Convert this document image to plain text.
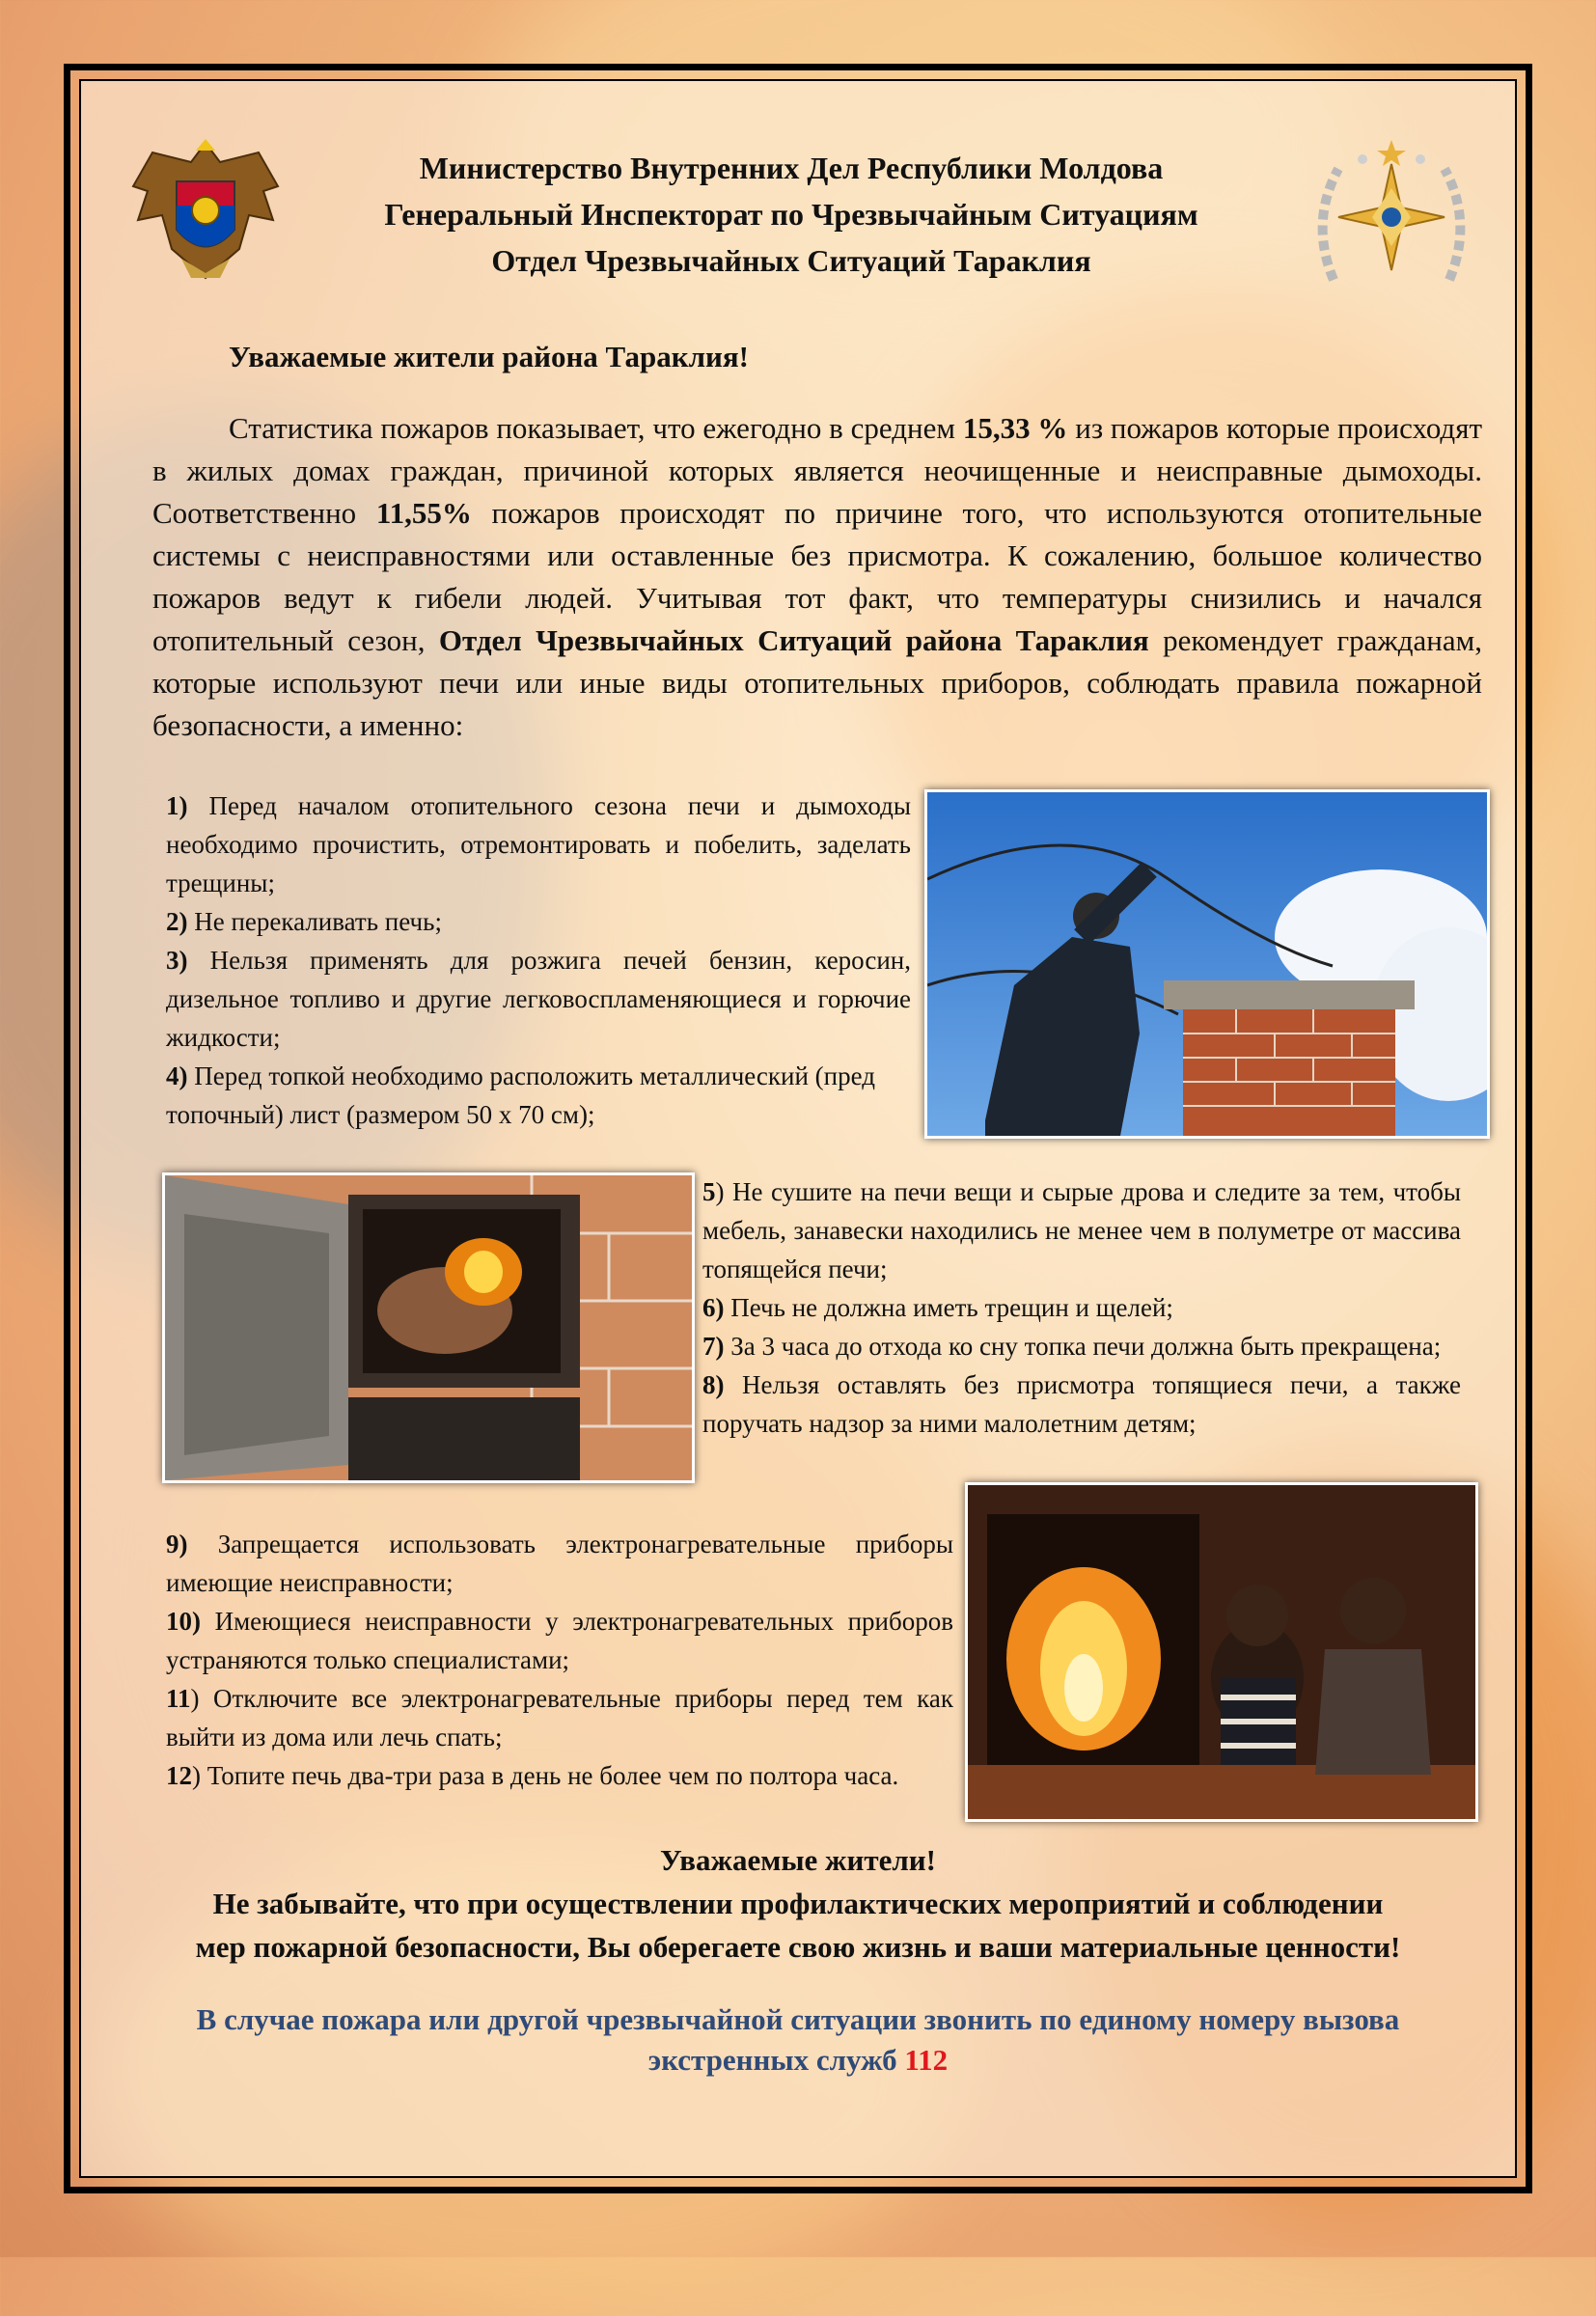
Министерство Внутренних Дел Республики Молдова
Генеральный Инспекторат по Чрезвычайным Ситуациям
Отдел Чрезвычайных Ситуаций Тараклия
Уважаемые жители района Тараклия!

Статистика пожаров показывает, что ежегодно в среднем 15,33 % из пожаров которые происходят в жилых домах граждан, причиной которых является неочищенные и неисправные дымоходы. Соответственно 11,55% пожаров происходят по причине того, что используются отопительные системы с неисправностями или оставленные без присмотра. К сожалению, большое количество пожаров ведут к гибели людей. Учитывая тот факт, что температуры снизились и начался отопительный сезон, Отдел Чрезвычайных Ситуаций района Тараклия рекомендует гражданам, которые используют печи или иные виды отопительных приборов, соблюдать правила пожарной безопасности, а именно:

1) Перед началом отопительного сезона печи и дымоходы необходимо прочистить, отремонтировать и побелить, заделать трещины;

2) Не перекаливать печь;

3) Нельзя применять для розжига печей бензин, керосин, дизельное топливо и другие легковоспламеняющиеся и горючие жидкости;

4) Перед топкой необходимо расположить металлический (пред топочный) лист (размером 50 х 70 см);

5) Не сушите на печи вещи и сырые дрова и следите за тем, чтобы мебель, занавески находились не менее чем в полуметре от массива топящейся печи;

6) Печь не должна иметь трещин и щелей;

7) За 3 часа до отхода ко сну топка печи должна быть прекращена;

8) Нельзя оставлять без присмотра топящиеся печи, а также поручать надзор за ними малолетним детям;

9) Запрещается использовать электронагревательные приборы имеющие неисправности;

10) Имеющиеся неисправности у электронагревательных приборов устраняются только специалистами;

11) Отключите все электронагревательные приборы перед тем как выйти из дома или лечь спать;

12) Топите печь два-три раза в день не более чем по полтора часа.

Уважаемые жители!
Не забывайте, что при осуществлении профилактических мероприятий и соблюдении
мер пожарной безопасности, Вы оберегаете свою жизнь и ваши материальные ценности!
В случае пожара или другой чрезвычайной ситуации звонить по единому номеру вызова
экстренных служб 112
